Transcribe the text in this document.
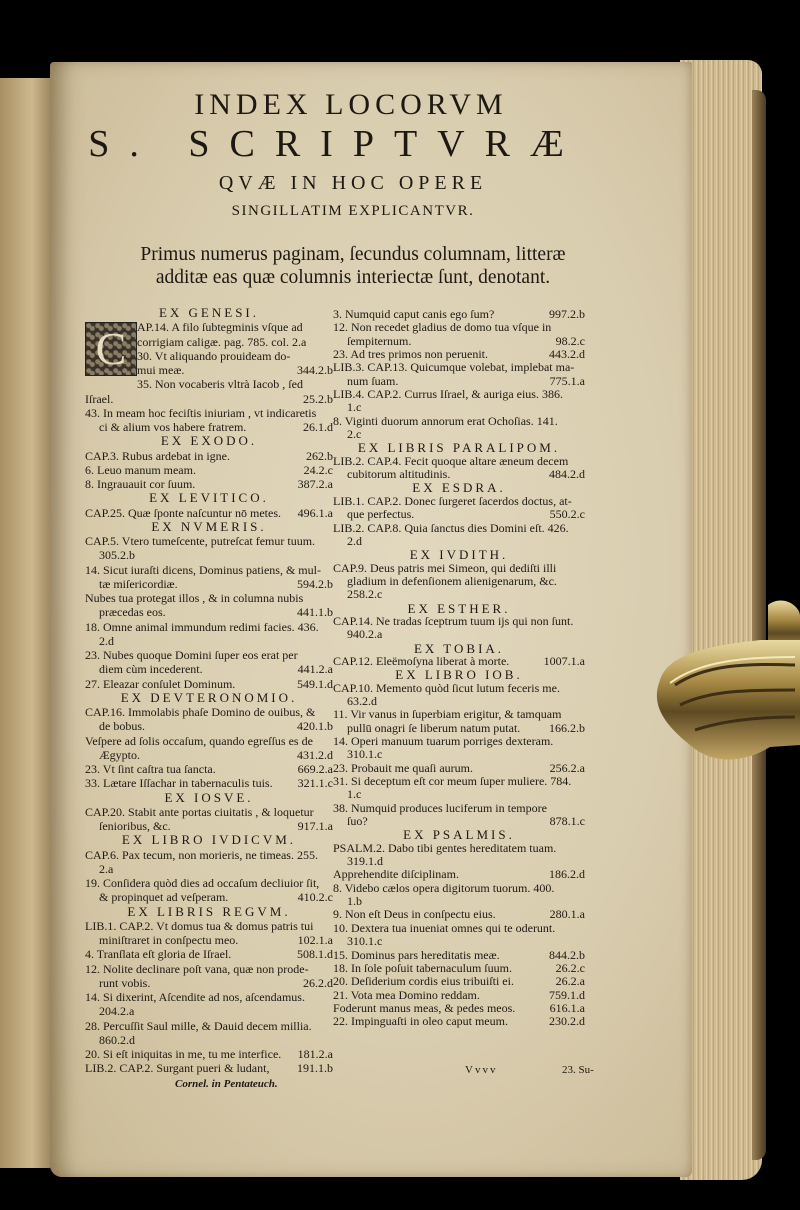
INDEX LOCORVM
S. SCRIPTVRÆ
QVÆ IN HOC OPERE
SINGILLATIM EXPLICANTVR.
Primus numerus paginam, ſecundus columnam, litteræ
additæ eas quæ columnis interiectæ ſunt, denotant.
C
EX GENESI.
AP.14. A filo ſubtegminis vſque ad
corrigiam caligæ. pag. 785. col. 2.a
30. Vt aliquando prouideam do-
mui meæ.	344.2.b
35. Non vocaberis vltrà Iacob , ſed
Iſrael.	25.2.b
43. In meam hoc feciſtis iniuriam , vt indicaretis
ci & alium vos habere fratrem.	26.1.d
EX EXODO.
CAP.3. Rubus ardebat in igne.	262.b
6. Leuo manum meam.	24.2.c
8. Ingrauauit cor ſuum.	387.2.a
EX LEVITICO.
CAP.25. Quæ ſponte naſcuntur nō metes.	496.1.a
EX NVMERIS.
CAP.5. Vtero tumeſcente, putreſcat femur tuum.
305.2.b
14. Sicut iuraſti dicens, Dominus patiens, & mul-
tæ miſericordiæ.	594.2.b
Nubes tua protegat illos , & in columna nubis
præcedas eos.	441.1.b
18. Omne animal immundum redimi facies. 436.
2.d
23. Nubes quoque Domini ſuper eos erat per
diem cùm incederent.	441.2.a
27. Eleazar conſulet Dominum.	549.1.d
EX DEVTERONOMIO.
CAP.16. Immolabis phaſe Domino de ouibus, &
de bobus.	420.1.b
Veſpere ad ſolis occaſum, quando egreſſus es de
Ægypto.	431.2.d
23. Vt ſint caſtra tua ſancta.	669.2.a
33. Lætare Iſſachar in tabernaculis tuis.	321.1.c
EX IOSVE.
CAP.20. Stabit ante portas ciuitatis , & loquetur
ſenioribus, &c.	917.1.a
EX LIBRO IVDICVM.
CAP.6. Pax tecum, non morieris, ne timeas. 255.
2.a
19. Conſidera quòd dies ad occaſum decliuior ſit,
& propinquet ad veſperam.	410.2.c
EX LIBRIS REGVM.
LIB.1. CAP.2. Vt domus tua & domus patris tui
miniſtraret in conſpectu meo.	102.1.a
4. Tranſlata eſt gloria de Iſrael.	508.1.d
12. Nolite declinare poſt vana, quæ non prode-
runt vobis.	26.2.d
14. Si dixerint, Aſcendite ad nos, aſcendamus.
204.2.a
28. Percuſſit Saul mille, & Dauid decem millia.
860.2.d
20. Si eſt iniquitas in me, tu me interfice.	181.2.a
LIB.2. CAP.2. Surgant pueri & ludant,	191.1.b
3. Numquid caput canis ego ſum?	997.2.b
12. Non recedet gladius de domo tua vſque in
ſempiternum.	98.2.c
23. Ad tres primos non peruenit.	443.2.d
LIB.3. CAP.13. Quicumque volebat, implebat ma-
num ſuam.	775.1.a
LIB.4. CAP.2. Currus Iſrael, & auriga eius. 386.
1.c
8. Viginti duorum annorum erat Ochoſias. 141.
2.c
EX LIBRIS PARALIPOM.
LIB.2. CAP.4. Fecit quoque altare æneum decem
cubitorum altitudinis.	484.2.d
EX ESDRA.
LIB.1. CAP.2. Donec ſurgeret ſacerdos doctus, at-
que perfectus.	550.2.c
LIB.2. CAP.8. Quia ſanctus dies Domini eſt. 426.
2.d
EX IVDITH.
CAP.9. Deus patris mei Simeon, qui dediſti illi
gladium in defenſionem alienigenarum, &c.
258.2.c
EX ESTHER.
CAP.14. Ne tradas ſceptrum tuum ijs qui non ſunt.
940.2.a
EX TOBIA.
CAP.12. Eleëmoſyna liberat à morte.	1007.1.a
EX LIBRO IOB.
CAP.10. Memento quòd ſicut lutum feceris me.
63.2.d
11. Vir vanus in ſuperbiam erigitur, & tamquam
pullū onagri ſe liberum natum putat.	166.2.b
14. Operi manuum tuarum porriges dexteram.
310.1.c
23. Probauit me quaſi aurum.	256.2.a
31. Si deceptum eſt cor meum ſuper muliere. 784.
1.c
38. Numquid produces luciferum in tempore
ſuo?	878.1.c
EX PSALMIS.
PSALM.2. Dabo tibi gentes hereditatem tuam.
319.1.d
Apprehendite diſciplinam.	186.2.d
8. Videbo cælos opera digitorum tuorum. 400.
1.b
9. Non eſt Deus in conſpectu eius.	280.1.a
10. Dextera tua inueniat omnes qui te oderunt.
310.1.c
15. Dominus pars hereditatis meæ.	844.2.b
18. In ſole poſuit tabernaculum ſuum.	26.2.c
20. Deſiderium cordis eius tribuiſti ei.	26.2.a
21. Vota mea Domino reddam.	759.1.d
Foderunt manus meas, & pedes meos.	616.1.a
22. Impinguaſti in oleo caput meum.	230.2.d
Cornel. in Pentateuch.
Vvvv	23. Su-
